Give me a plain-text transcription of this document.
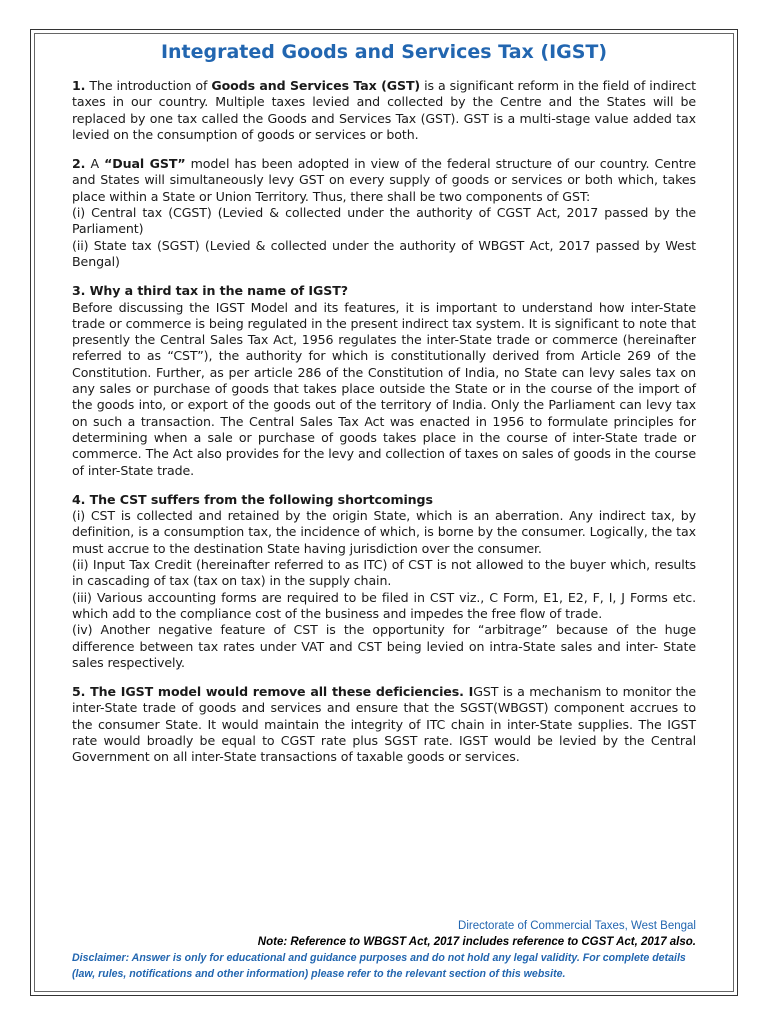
Integrated Goods and Services Tax (IGST)
1. The introduction of Goods and Services Tax (GST) is a significant reform in the field of indirect taxes in our country. Multiple taxes levied and collected by the Centre and the States will be replaced by one tax called the Goods and Services Tax (GST). GST is a multi-stage value added tax levied on the consumption of goods or services or both.
2. A “Dual GST” model has been adopted in view of the federal structure of our country. Centre and States will simultaneously levy GST on every supply of goods or services or both which, takes place within a State or Union Territory. Thus, there shall be two components of GST:
(i) Central tax (CGST) (Levied & collected under the authority of CGST Act, 2017 passed by the Parliament)
(ii) State tax (SGST) (Levied & collected under the authority of WBGST Act, 2017 passed by West Bengal)
3. Why a third tax in the name of IGST?
Before discussing the IGST Model and its features, it is important to understand how inter-State trade or commerce is being regulated in the present indirect tax system. It is significant to note that presently the Central Sales Tax Act, 1956 regulates the inter-State trade or commerce (hereinafter referred to as “CST”), the authority for which is constitutionally derived from Article 269 of the Constitution. Further, as per article 286 of the Constitution of India, no State can levy sales tax on any sales or purchase of goods that takes place outside the State or in the course of the import of the goods into, or export of the goods out of the territory of India. Only the Parliament can levy tax on such a transaction. The Central Sales Tax Act was enacted in 1956 to formulate principles for determining when a sale or purchase of goods takes place in the course of inter-State trade or commerce. The Act also provides for the levy and collection of taxes on sales of goods in the course of inter-State trade.
4. The CST suffers from the following shortcomings
(i) CST is collected and retained by the origin State, which is an aberration. Any indirect tax, by definition, is a consumption tax, the incidence of which, is borne by the consumer. Logically, the tax must accrue to the destination State having jurisdiction over the consumer.
(ii) Input Tax Credit (hereinafter referred to as ITC) of CST is not allowed to the buyer which, results in cascading of tax (tax on tax) in the supply chain.
(iii) Various accounting forms are required to be filed in CST viz., C Form, E1, E2, F, I, J Forms etc. which add to the compliance cost of the business and impedes the free flow of trade.
(iv) Another negative feature of CST is the opportunity for “arbitrage” because of the huge difference between tax rates under VAT and CST being levied on intra-State sales and inter- State sales respectively.
5. The IGST model would remove all these deficiencies. IGST is a mechanism to monitor the inter-State trade of goods and services and ensure that the SGST(WBGST) component accrues to the consumer State. It would maintain the integrity of ITC chain in inter-State supplies. The IGST rate would broadly be equal to CGST rate plus SGST rate. IGST would be levied by the Central Government on all inter-State transactions of taxable goods or services.
Directorate of Commercial Taxes, West Bengal
Note: Reference to WBGST Act, 2017 includes reference to CGST Act, 2017 also.
Disclaimer: Answer is only for educational and guidance purposes and do not hold any legal validity. For complete details (law, rules, notifications and other information) please refer to the relevant section of this website.
